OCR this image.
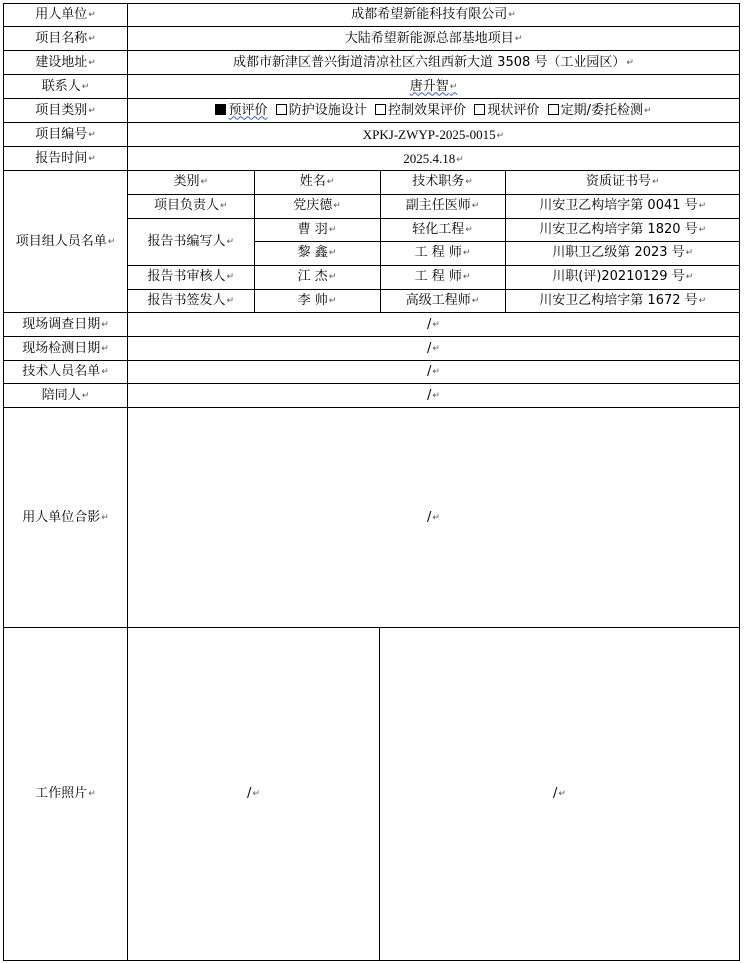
用人单位 ↵	成都希望新能科技有限公司 ↵
项目名称 ↵	大陆希望新能源总部基地项目 ↵
建设地址 ↵	成都市新津区普兴街道清凉社区六组西新大道 3508 号（工业园区） ↵
联系人 ↵	唐升智 ↵
项目类别 ↵	预评价 防护设施设计 控制效果评价 现状评价 定期/委托检测 ↵
项目编号 ↵	XPKJ-ZWYP-2025-0015 ↵
报告时间 ↵	2025.4.18 ↵
项目组人员名单 ↵	
类别 ↵	姓名 ↵	技术职务 ↵	资质证书号 ↵
项目负责人 ↵	党庆德 ↵	副主任医师 ↵	川安卫乙构培字第 0041 号 ↵
报告书编写人 ↵	曹 羽 ↵	轻化工程 ↵	川安卫乙构培字第 1820 号 ↵
黎 鑫 ↵	工 程 师 ↵	川职卫乙级第 2023 号 ↵
报告书审核人 ↵	江 杰 ↵	工 程 师 ↵	川职(评)20210129 号 ↵
报告书签发人 ↵	李 帅 ↵	高级工程师 ↵	川安卫乙构培字第 1672 号 ↵

现场调查日期 ↵	/ ↵
现场检测日期 ↵	/ ↵
技术人员名单 ↵	/ ↵
陪同人 ↵	/ ↵
用人单位合影 ↵	/ ↵
工作照片 ↵	/ ↵	/ ↵
